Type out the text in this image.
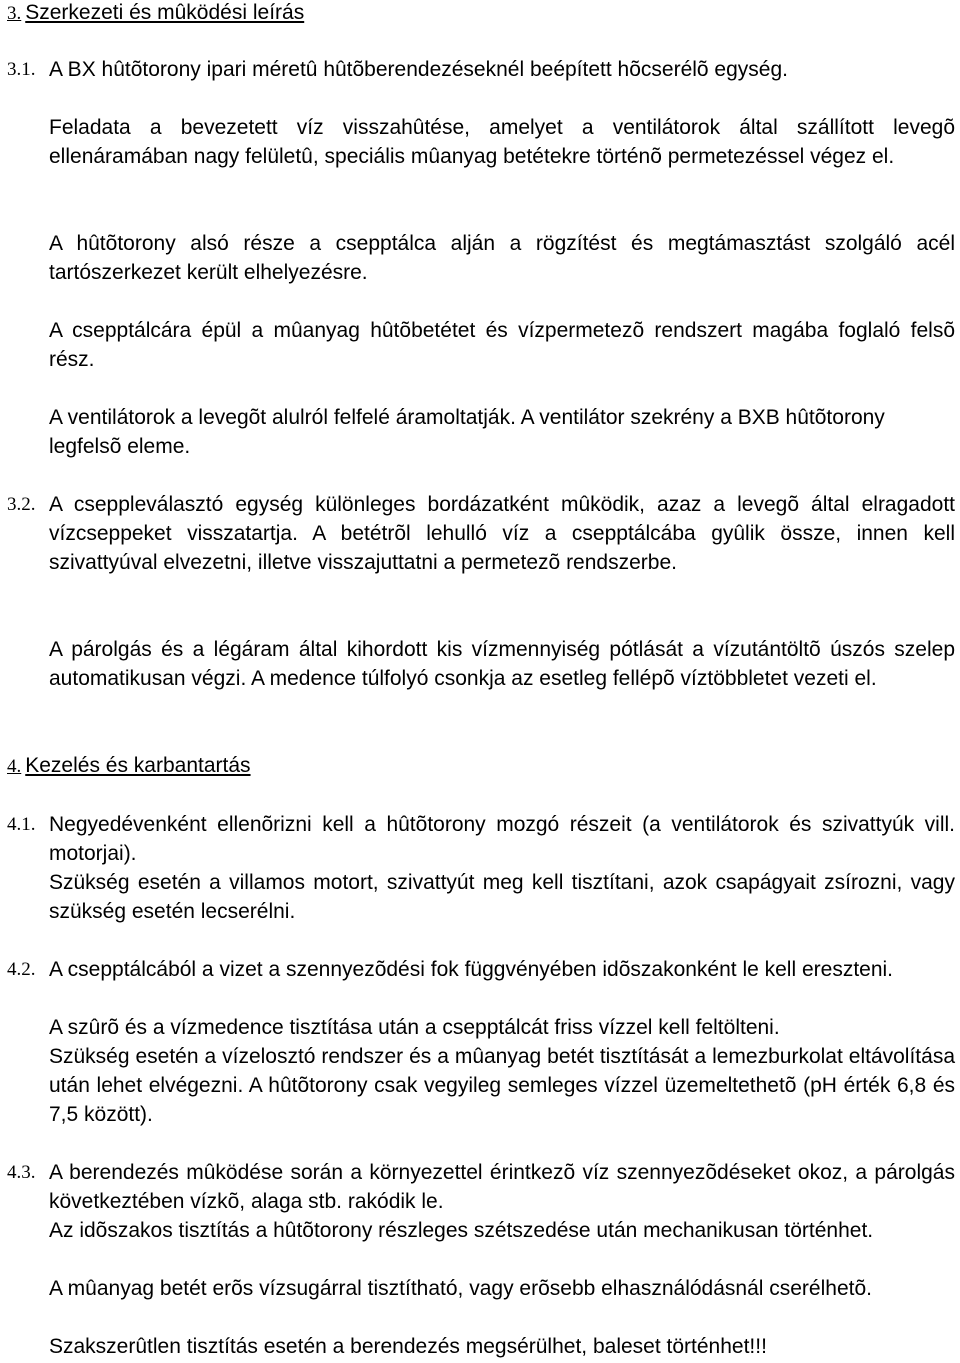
3. Szerkezeti és mûködési leírás
3.1. A BX hûtõtorony ipari méretû hûtõberendezéseknél beépített hõcserélõ egység.
Feladata a bevezetett víz visszahûtése, amelyet a ventilátorok által szállított levegõ ellenáramában nagy felületû, speciális mûanyag betétekre történõ permetezéssel végez el.
A hûtõtorony alsó része a csepptálca alján a rögzítést és megtámasztást szolgáló acél tartószerkezet került elhelyezésre.
A csepptálcára épül a mûanyag hûtõbetétet és vízpermetezõ rendszert magába foglaló felsõ rész.
A ventilátorok a levegõt alulról felfelé áramoltatják. A ventilátor szekrény a BXB hûtõtorony legfelsõ eleme.
3.2. A cseppleválasztó egység különleges bordázatként mûködik, azaz a levegõ által elragadott vízcseppeket visszatartja. A betétrõl lehulló víz a csepptálcába gyûlik össze, innen kell szivattyúval elvezetni, illetve visszajuttatni a permetezõ rendszerbe.
A párolgás és a légáram által kihordott kis vízmennyiség pótlását a vízutántöltõ úszós szelep automatikusan végzi. A medence túlfolyó csonkja az esetleg fellépõ víztöbbletet vezeti el.
4. Kezelés és karbantartás
4.1. Negyedévenként ellenõrizni kell a hûtõtorony mozgó részeit (a ventilátorok és szivattyúk vill. motorjai).
Szükség esetén a villamos motort, szivattyút meg kell tisztítani, azok csapágyait zsírozni, vagy szükség esetén lecserélni.
4.2. A csepptálcából a vizet a szennyezõdési fok függvényében idõszakonként le kell ereszteni.
A szûrõ és a vízmedence tisztítása után a csepptálcát friss vízzel kell feltölteni.
Szükség esetén a vízelosztó rendszer és a mûanyag betét tisztítását a lemezburkolat eltávolítása után lehet elvégezni. A hûtõtorony csak vegyileg semleges vízzel üzemeltethetõ (pH érték 6,8 és 7,5 között).
4.3. A berendezés mûködése során a környezettel érintkezõ víz szennyezõdéseket okoz, a párolgás következtében vízkõ, alaga stb. rakódik le.
Az idõszakos tisztítás a hûtõtorony részleges szétszedése után mechanikusan történhet.
A mûanyag betét erõs vízsugárral tisztítható, vagy erõsebb elhasználódásnál cserélhetõ.
Szakszerûtlen tisztítás esetén a berendezés megsérülhet, baleset történhet!!!
